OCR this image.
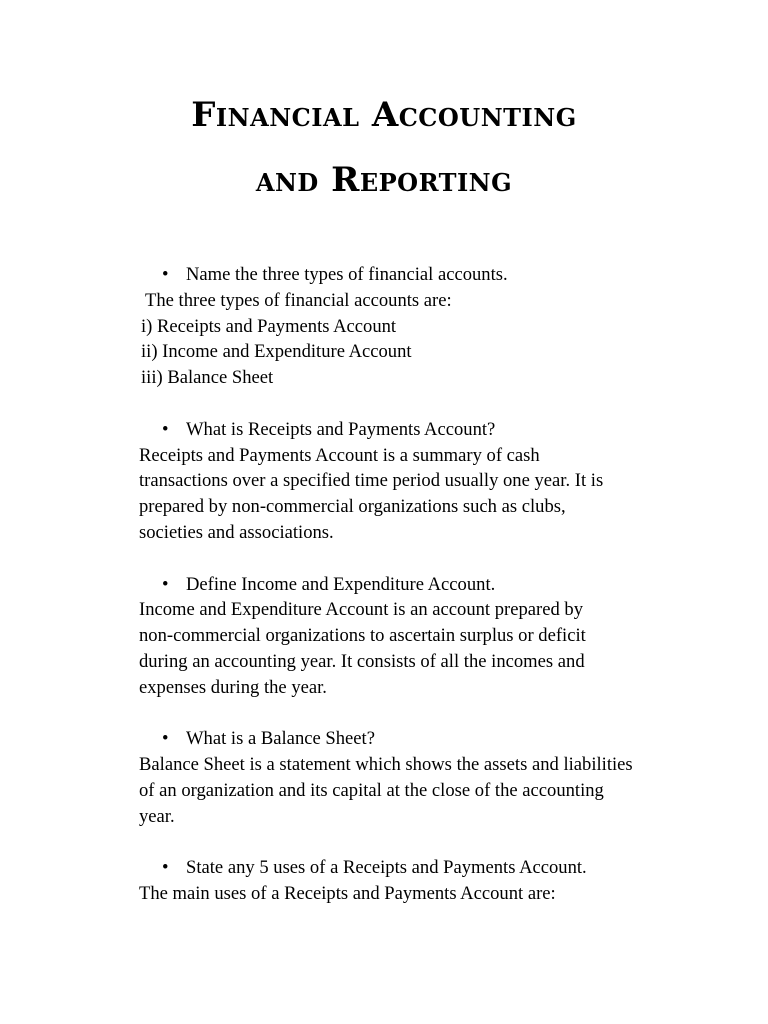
Financial Accounting
and Reporting
• Name the three types of financial accounts.
The three types of financial accounts are:
i) Receipts and Payments Account
ii) Income and Expenditure Account
iii) Balance Sheet
• What is Receipts and Payments Account?
Receipts and Payments Account is a summary of cash
transactions over a specified time period usually one year. It is
prepared by non-commercial organizations such as clubs,
societies and associations.
• Define Income and Expenditure Account.
Income and Expenditure Account is an account prepared by
non-commercial organizations to ascertain surplus or deficit
during an accounting year. It consists of all the incomes and
expenses during the year.
• What is a Balance Sheet?
Balance Sheet is a statement which shows the assets and liabilities
of an organization and its capital at the close of the accounting
year.
• State any 5 uses of a Receipts and Payments Account.
The main uses of a Receipts and Payments Account are:
